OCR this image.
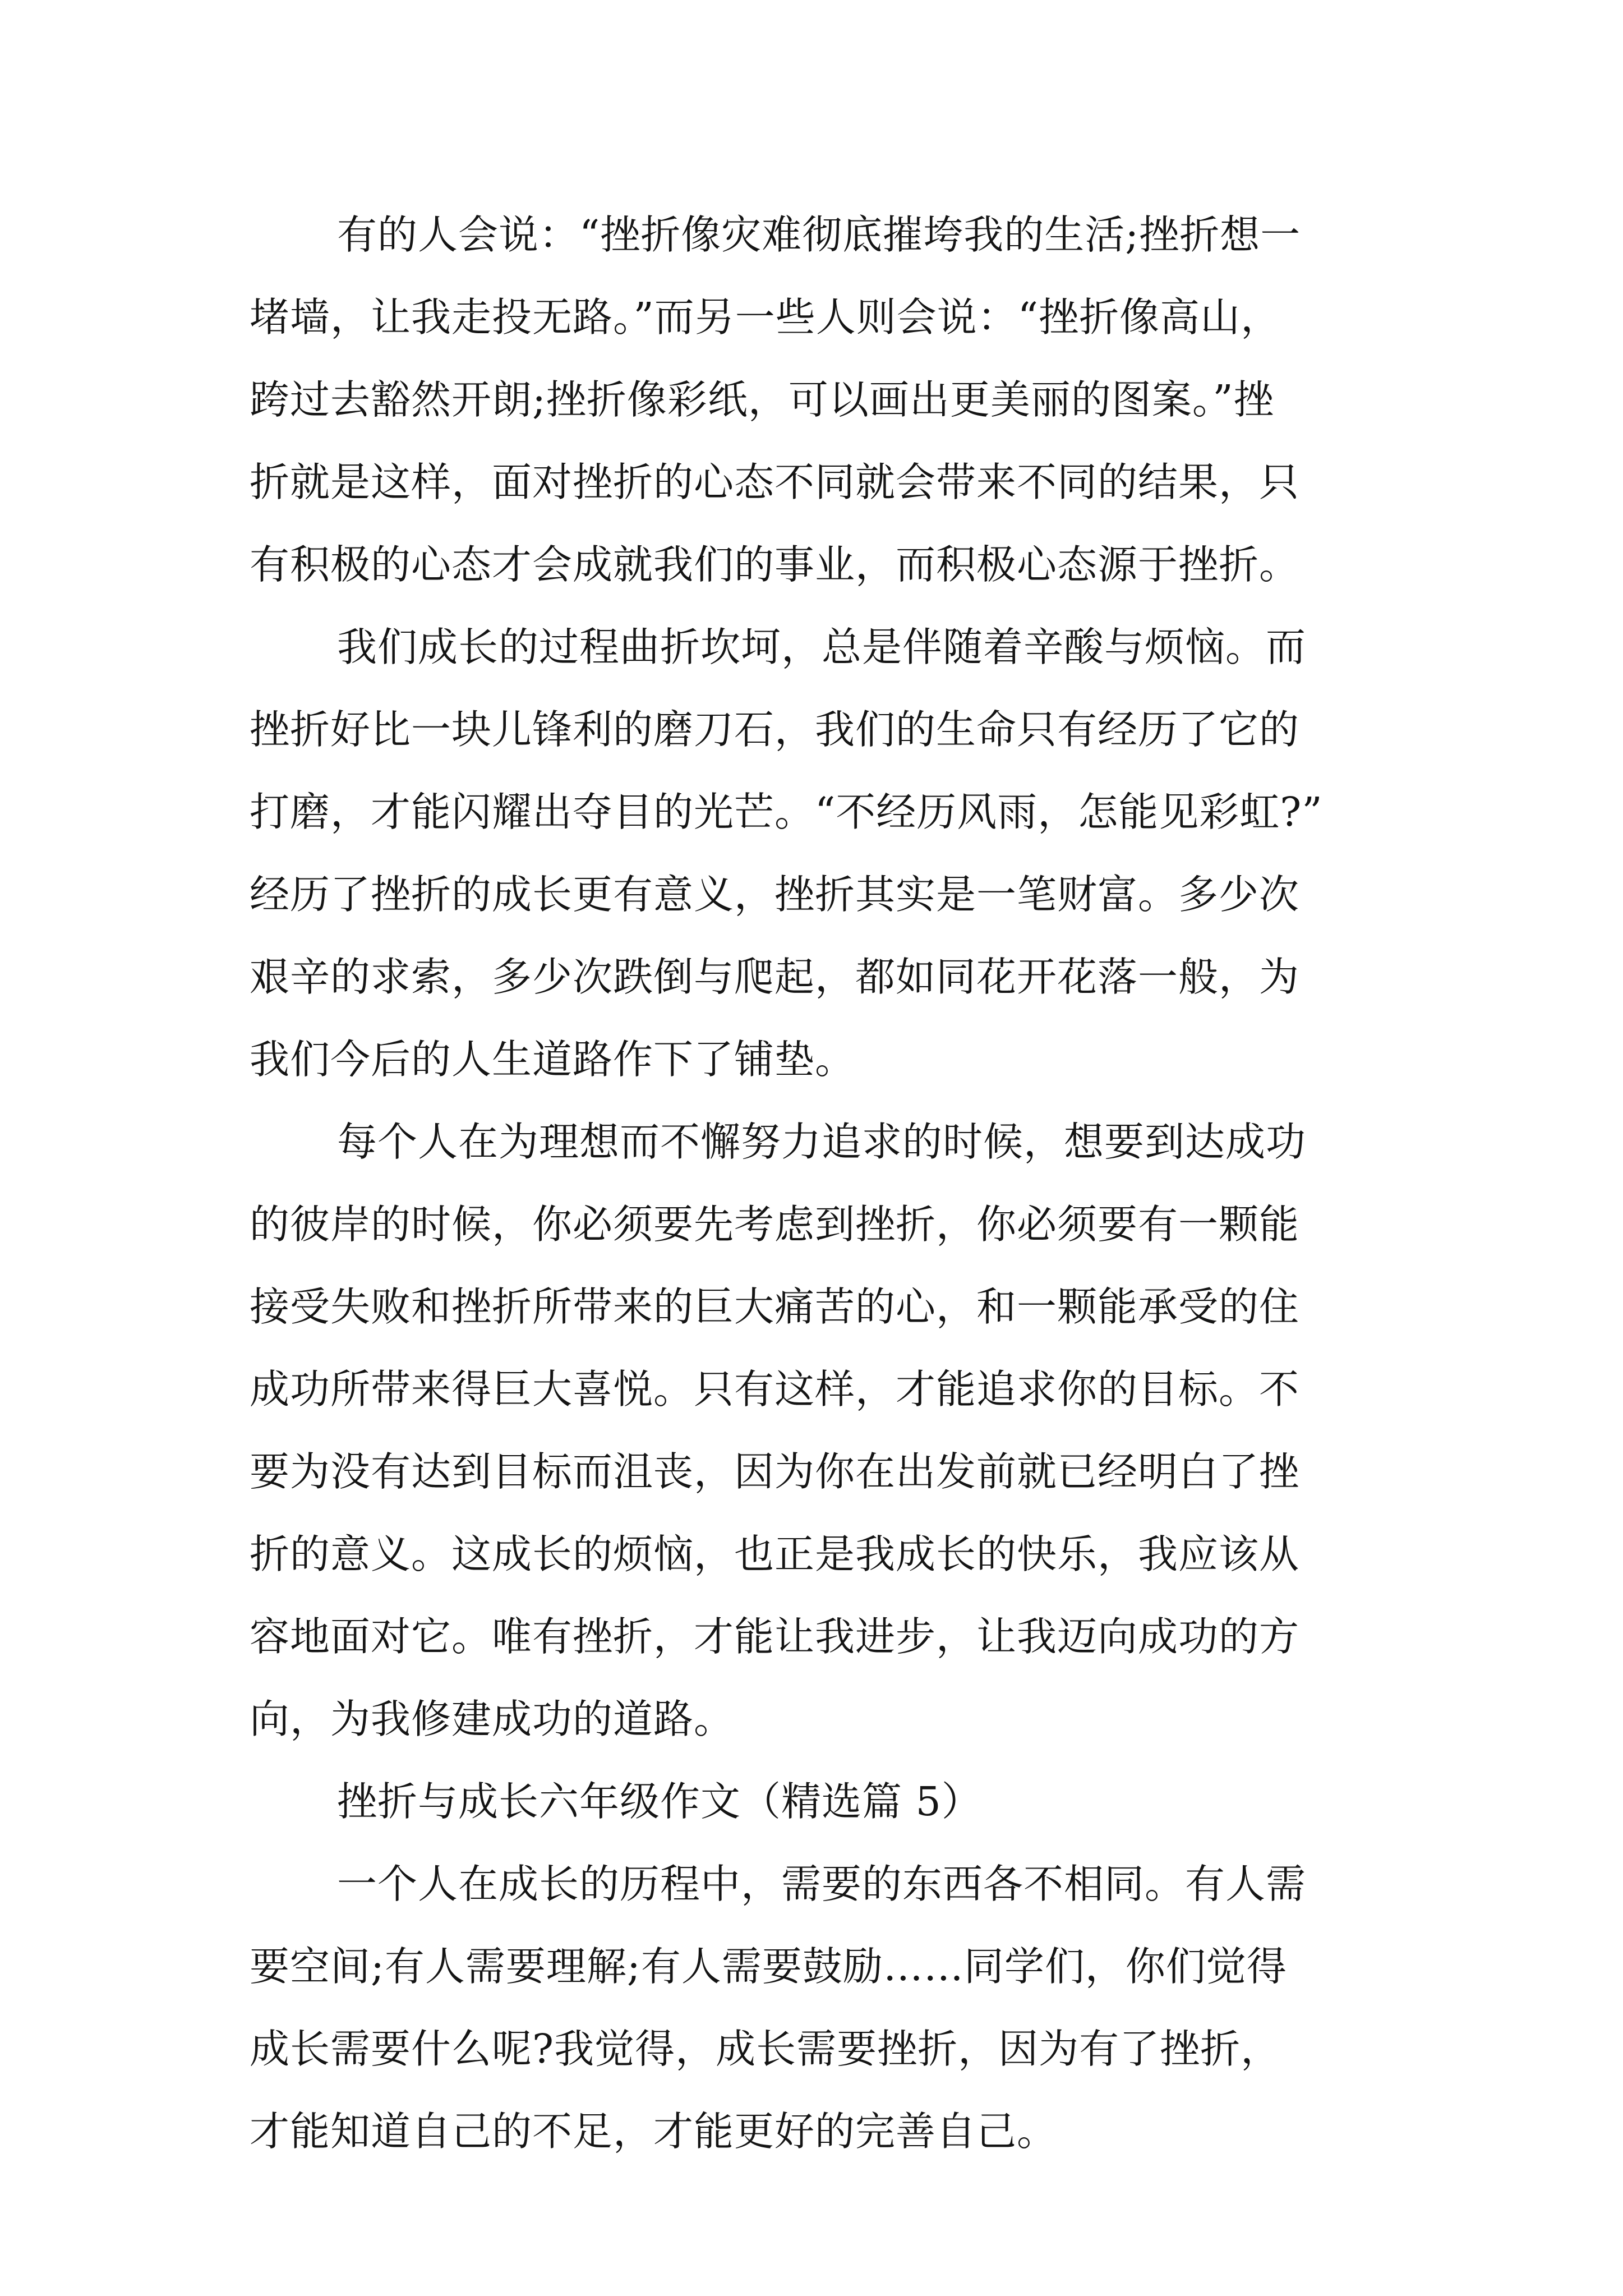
有的人会说：“挫折像灾难彻底摧垮我的生活;挫折想一
堵墙，让我走投无路。”而另一些人则会说：“挫折像高山，
跨过去豁然开朗;挫折像彩纸，可以画出更美丽的图案。”挫
折就是这样，面对挫折的心态不同就会带来不同的结果，只
有积极的心态才会成就我们的事业，而积极心态源于挫折。
我们成长的过程曲折坎坷，总是伴随着辛酸与烦恼。而
挫折好比一块儿锋利的磨刀石，我们的生命只有经历了它的
打磨，才能闪耀出夺目的光芒。“不经历风雨，怎能见彩虹?”
经历了挫折的成长更有意义，挫折其实是一笔财富。多少次
艰辛的求索，多少次跌倒与爬起，都如同花开花落一般，为
我们今后的人生道路作下了铺垫。
每个人在为理想而不懈努力追求的时候，想要到达成功
的彼岸的时候，你必须要先考虑到挫折，你必须要有一颗能
接受失败和挫折所带来的巨大痛苦的心，和一颗能承受的住
成功所带来得巨大喜悦。只有这样，才能追求你的目标。不
要为没有达到目标而沮丧，因为你在出发前就已经明白了挫
折的意义。这成长的烦恼，也正是我成长的快乐，我应该从
容地面对它。唯有挫折，才能让我进步，让我迈向成功的方
向，为我修建成功的道路。
挫折与成长六年级作文（精选篇 5）
一个人在成长的历程中，需要的东西各不相同。有人需
要空间;有人需要理解;有人需要鼓励……同学们，你们觉得
成长需要什么呢?我觉得，成长需要挫折，因为有了挫折，
才能知道自己的不足，才能更好的完善自己。
